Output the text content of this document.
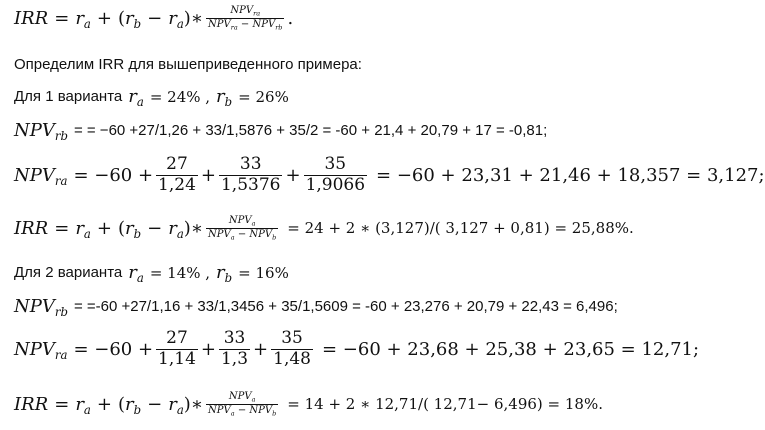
IRR = $r_a$ + ( $r_b - r_a$ ) ∗ $\frac{NPV_{ra}}{NPV_{ra} - NPV_{rb}}$ .
Определим IRR для вышеприведенного примера:
Для 1 варианта $r_a = 24\%$ , $r_b = 26\%$
$NPV_{rb}$ = = −60 +27/1,26 + 33/1,5876 + 35/2 = -60 + 21,4 + 20,79 + 17 = -0,81;
$NPV_{ra} = -60 + \frac{27}{1,24} + \frac{33}{1,5376} + \frac{35}{1,9066} = -60 + 23,31 + 21,46 + 18,357 = 3,127$;
IRR = $r_a$ + ( $r_b - r_a$ ) ∗ $\frac{NPV_a}{NPV_a - NPV_b} = 24 + 2$ ∗ (3,127)/( 3,127 + 0,81) = 25,88%.
Для 2 варианта $r_a = 14\%$ , $r_b = 16\%$
$NPV_{rb} = =-60 +27/1,16 + 33/1,3456 + 35/1,5609 = -60 + 23,276 + 20,79 + 22,43 = 6,496$;
$NPV_{ra} = -60 + \frac{27}{1,14} + \frac{33}{1,3} + \frac{35}{1,48} = -60 + 23,68 + 25,38 + 23,65 = 12,71$;
IRR = $r_a$ + ( $r_b - r_a$ ) ∗ $\frac{NPV_a}{NPV_a - NPV_b} = 14 + 2$ ∗ 12,71/( 12,71− 6,496) = 18%.
